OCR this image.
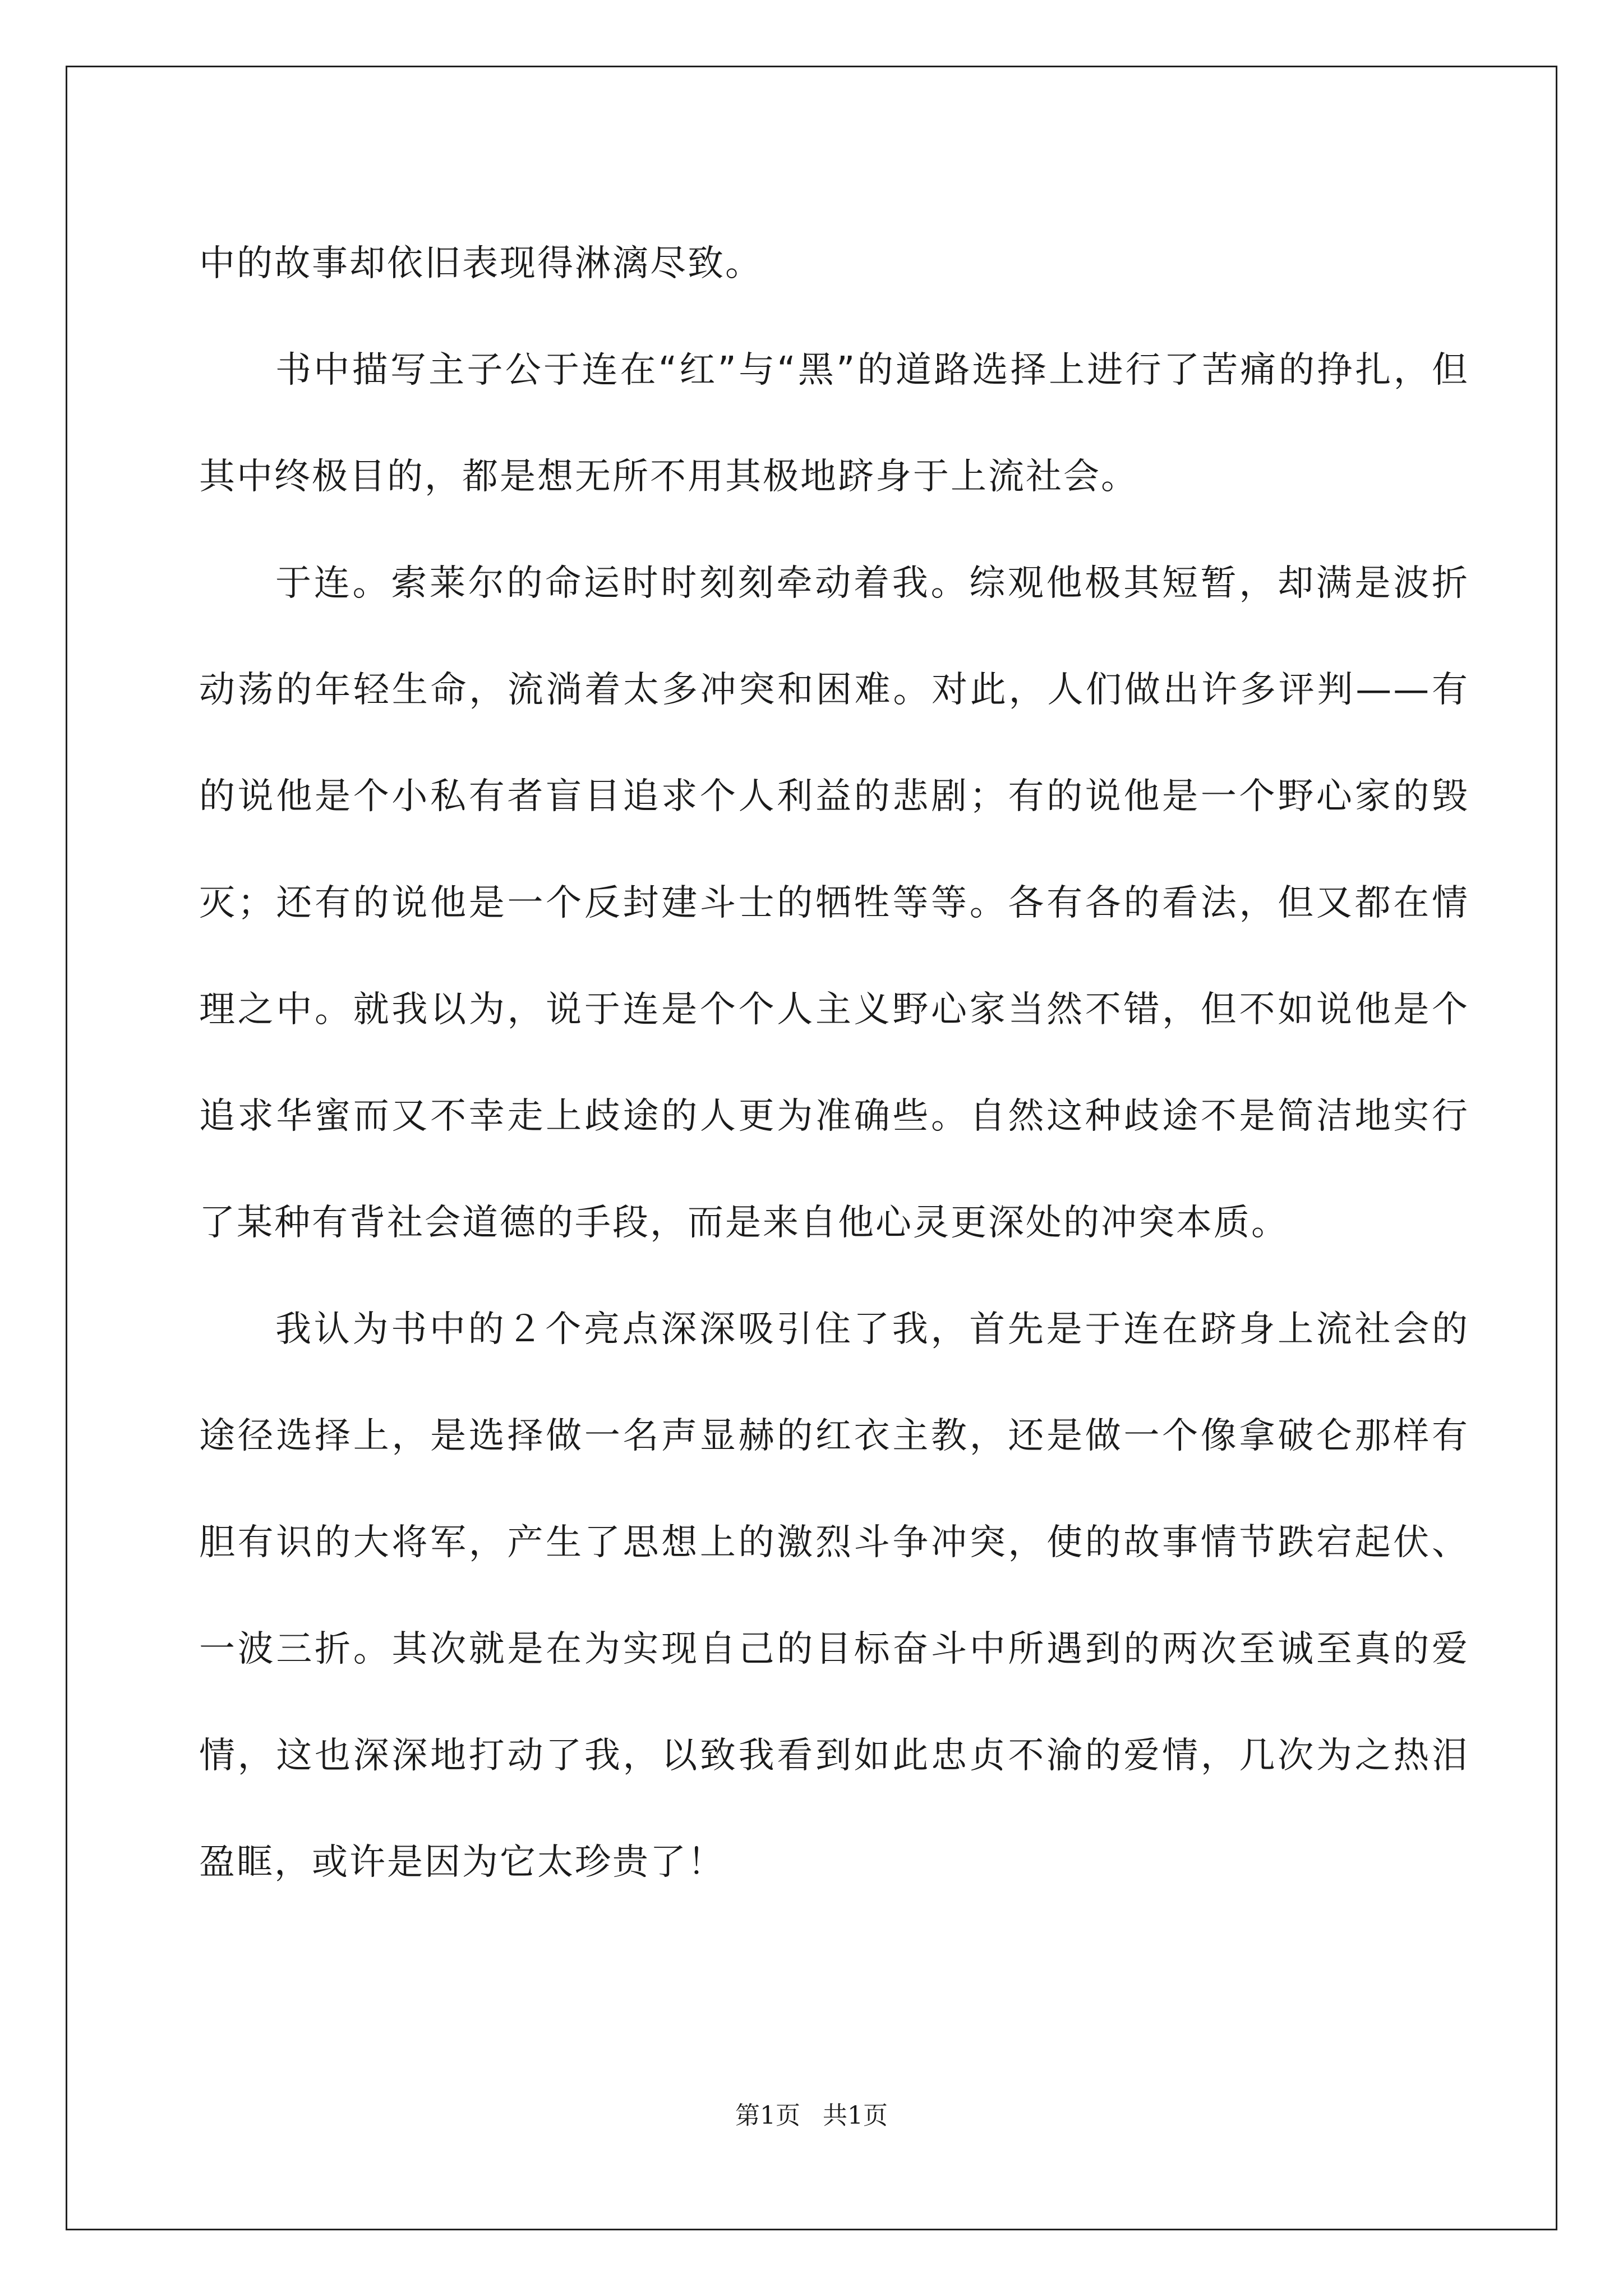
中的故事却依旧表现得淋漓尽致。

书中描写主子公于连在“红”与“黑”的道路选择上进行了苦痛的挣扎，但其中终极目的，都是想无所不用其极地跻身于上流社会。

于连。索莱尔的命运时时刻刻牵动着我。综观他极其短暂，却满是波折动荡的年轻生命，流淌着太多冲突和困难。对此，人们做出许多评判——有的说他是个小私有者盲目追求个人利益的悲剧；有的说他是一个野心家的毁灭；还有的说他是一个反封建斗士的牺牲等等。各有各的看法，但又都在情理之中。就我以为，说于连是个个人主义野心家当然不错，但不如说他是个追求华蜜而又不幸走上歧途的人更为准确些。自然这种歧途不是简洁地实行了某种有背社会道德的手段，而是来自他心灵更深处的冲突本质。

我认为书中的２个亮点深深吸引住了我，首先是于连在跻身上流社会的途径选择上，是选择做一名声显赫的红衣主教，还是做一个像拿破仑那样有胆有识的大将军，产生了思想上的激烈斗争冲突，使的故事情节跌宕起伏、一波三折。其次就是在为实现自己的目标奋斗中所遇到的两次至诚至真的爱情，这也深深地打动了我，以致我看到如此忠贞不渝的爱情，几次为之热泪盈眶，或许是因为它太珍贵了！

第1页 共1页
